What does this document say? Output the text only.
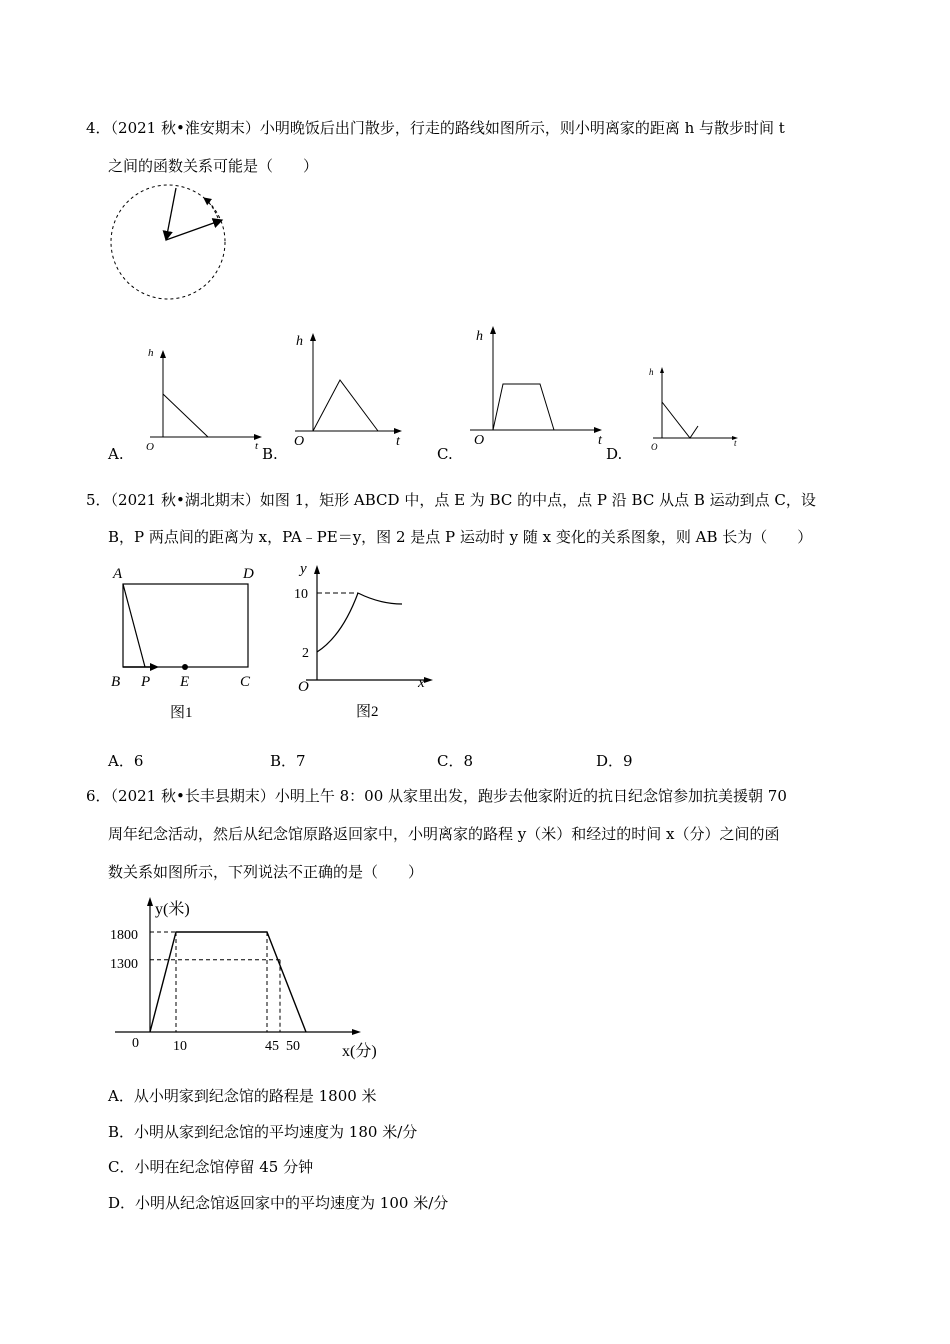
4．（2021 秋•淮安期末）小明晚饭后出门散步，行走的路线如图所示，则小明离家的距离 h 与散步时间 t
之间的函数关系可能是（　　）
A.
h
t
O	B.
h
t
O
C.
h
t
O
D.
h
t
O
5．（2021 秋•湖北期末）如图 1，矩形 ABCD 中，点 E 为 BC 的中点，点 P 沿 BC 从点 B 运动到点 C，设
B，P 两点间的距离为 x，PA﹣PE＝y，图 2 是点 P 运动时 y 随 x 变化的关系图象，则 AB 长为（　　）
A	D
B P E	C
图1
y
x
O
10
2
图2
A．6	B．7	C．8	D．9
6．（2021 秋•长丰县期末）小明上午 8：00 从家里出发，跑步去他家附近的抗日纪念馆参加抗美援朝 70
周年纪念活动，然后从纪念馆原路返回家中，小明离家的路程 y（米）和经过的时间 x（分）之间的函
数关系如图所示，下列说法不正确的是（　　）
y(米)
x(分)
0
1800
1300
10	45 50
A．从小明家到纪念馆的路程是 1800 米
B．小明从家到纪念馆的平均速度为 180 米/分
C．小明在纪念馆停留 45 分钟
D．小明从纪念馆返回家中的平均速度为 100 米/分
